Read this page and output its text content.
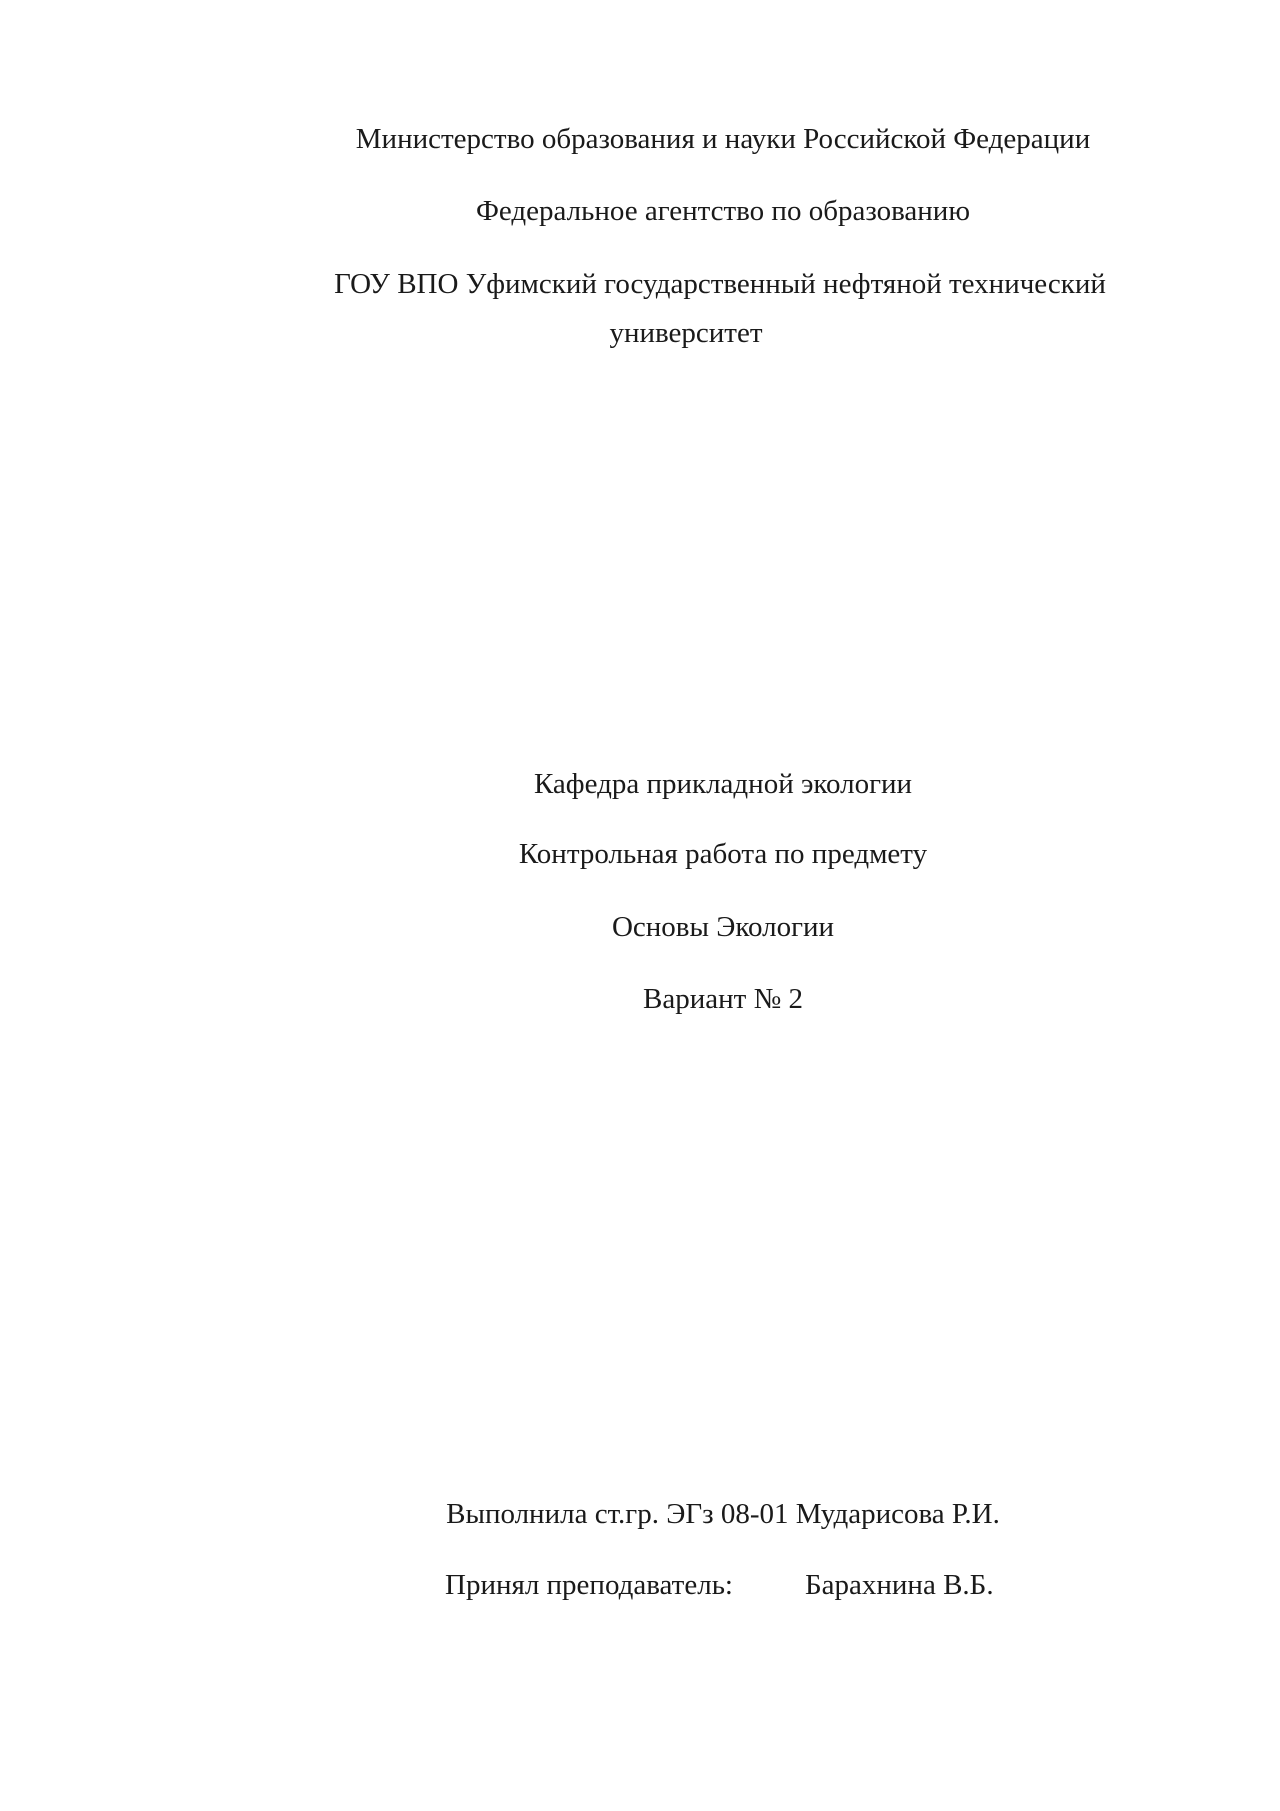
Министерство образования и науки Российской Федерации
Федеральное агентство по образованию
ГОУ ВПО Уфимский государственный нефтяной технический
университет
Кафедра прикладной экологии
Контрольная работа по предмету
Основы Экологии
Вариант № 2
Выполнила ст.гр. ЭГз 08-01 Мударисова Р.И.
Принял преподаватель: Барахнина В.Б.
